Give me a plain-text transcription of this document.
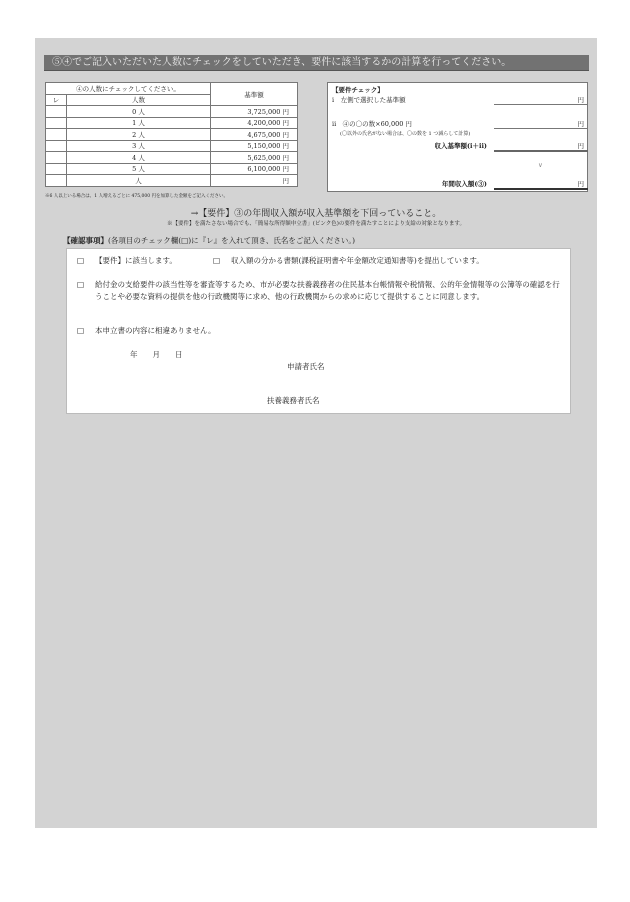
⑤④でご記入いただいた人数にチェックをしていただき、要件に該当するかの計算を行ってください。
④の人数にチェックしてください。		基準額
レ	人数	
	0 人	3,725,000 円
	1 人	4,200,000 円
	2 人	4,675,000 円
	3 人	5,150,000 円
	4 人	5,625,000 円
	5 人	6,100,000 円
	人	円
※6 人以上いる場合は、1 人増えるごとに 475,000 円を加算した金額をご記入ください。
【要件チェック】
i　左側で選択した基準額	円
ii　④の〇の数×60,000 円	円
(〇以外の氏名がない場合は、〇の数を 1 つ減らして計算)
収入基準額(i＋ii)	円
∨
年間収入額(③)	円
→【要件】③の年間収入額が収入基準額を下回っていること。
※【要件】を満たさない場合でも、「簡易な所得額申立書」(ピンク色)の要件を満たすことにより支給の対象となります。
【確認事項】(各項目のチェック欄(□)に『レ』を入れて頂き、氏名をご記入ください。)
□ 【要件】に該当します。	□ 収入額の分かる書類(課税証明書や年金額改定通知書等)を提出しています。
□ 給付金の支給要件の該当性等を審査等するため、市が必要な扶養義務者の住民基本台帳情報や税情報、公的年金情報等の公簿等の確認を行うことや必要な資料の提供を他の行政機関等に求め、他の行政機関からの求めに応じて提供することに同意します。
□ 本申立書の内容に相違ありません。
年　　月　　日
申請者氏名
扶養義務者氏名
